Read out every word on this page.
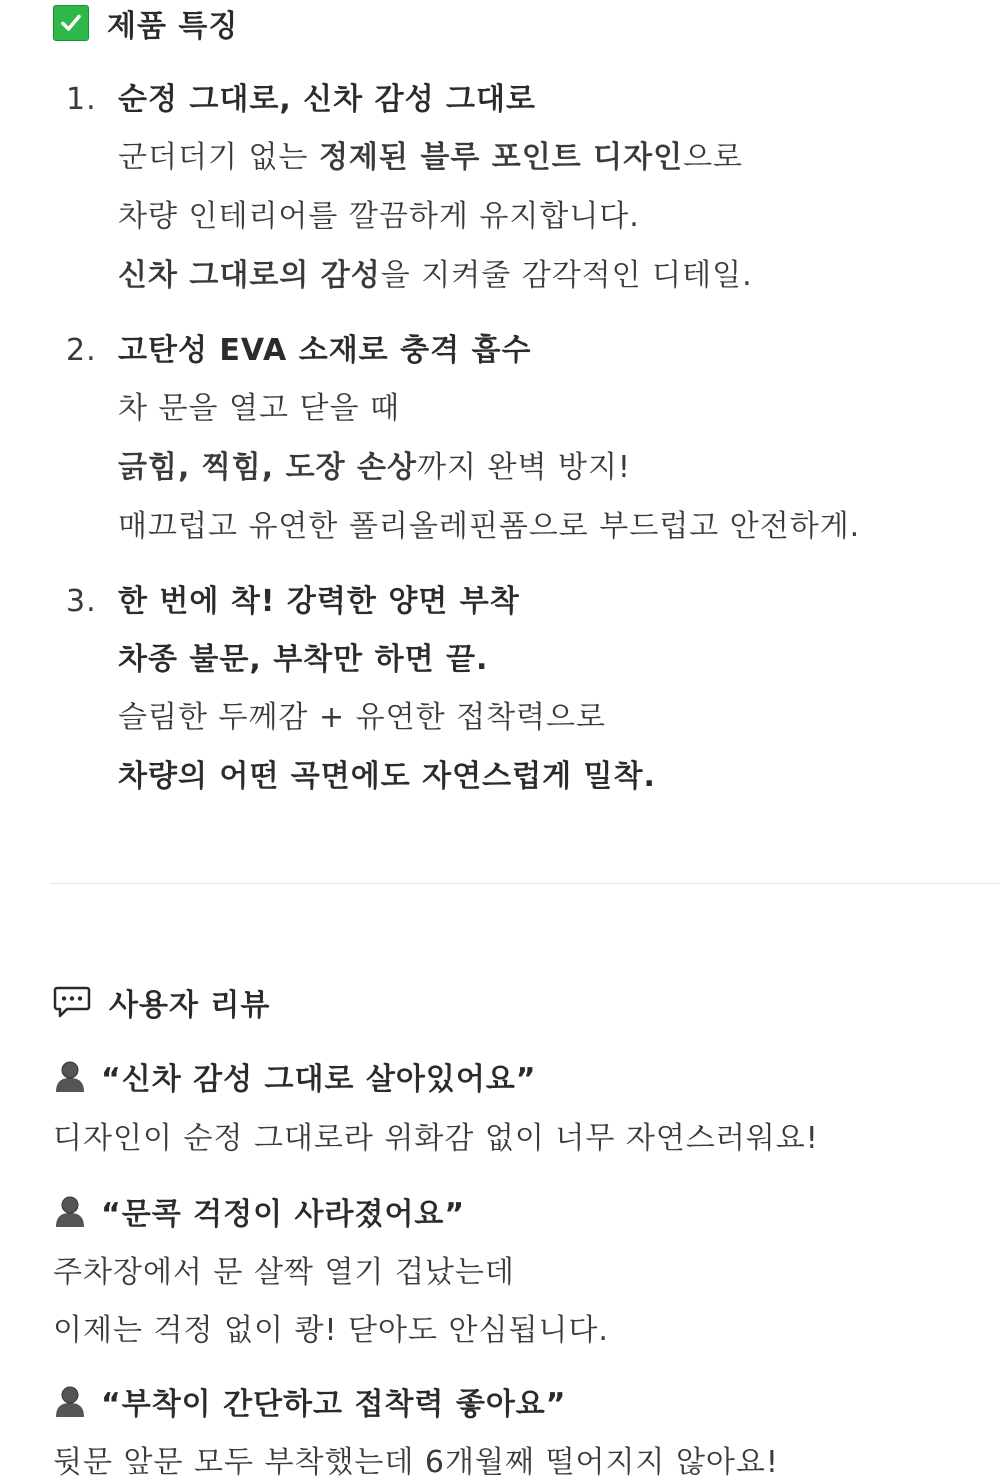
제품 특징
1. 순정 그대로, 신차 감성 그대로
군더더기 없는 정제된 블루 포인트 디자인으로
차량 인테리어를 깔끔하게 유지합니다.
신차 그대로의 감성을 지켜줄 감각적인 디테일.
2. 고탄성 EVA 소재로 충격 흡수
차 문을 열고 닫을 때
긁힘, 찍힘, 도장 손상까지 완벽 방지!
매끄럽고 유연한 폴리올레핀폼으로 부드럽고 안전하게.
3. 한 번에 착! 강력한 양면 부착
차종 불문, 부착만 하면 끝.
슬림한 두께감 + 유연한 접착력으로
차량의 어떤 곡면에도 자연스럽게 밀착.
사용자 리뷰
“신차 감성 그대로 살아있어요”
디자인이 순정 그대로라 위화감 없이 너무 자연스러워요!
“문콕 걱정이 사라졌어요”
주차장에서 문 살짝 열기 겁났는데
이제는 걱정 없이 쾅! 닫아도 안심됩니다.
“부착이 간단하고 접착력 좋아요”
뒷문 앞문 모두 부착했는데 6개월째 떨어지지 않아요!
